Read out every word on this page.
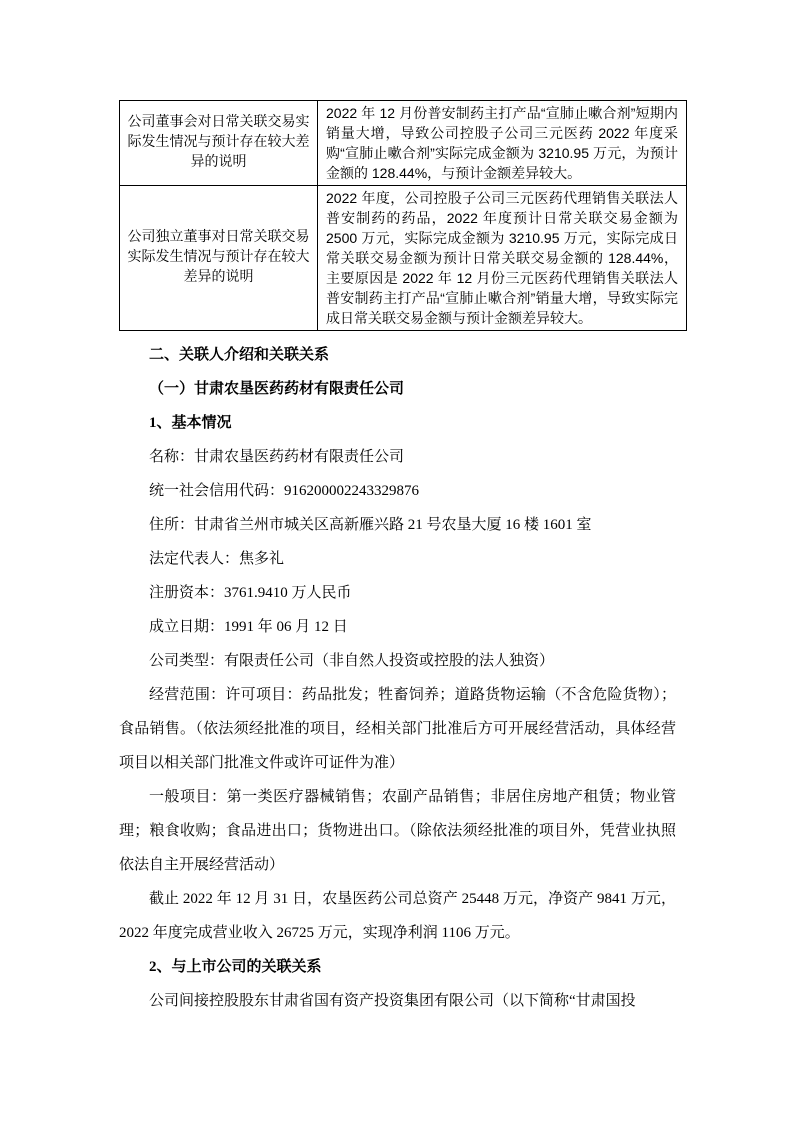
公司董事会对日常关联交易实际发生情况与预计存在较大差异的说明	2022 年 12 月份普安制药主打产品“宣肺止嗽合剂”短期内销量大增，导致公司控股子公司三元医药 2022 年度采购“宣肺止嗽合剂”实际完成金额为 3210.95 万元，为预计金额的 128.44%，与预计金额差异较大。
公司独立董事对日常关联交易实际发生情况与预计存在较大差异的说明	2022 年度，公司控股子公司三元医药代理销售关联法人普安制药的药品，2022 年度预计日常关联交易金额为 2500 万元，实际完成金额为 3210.95 万元，实际完成日常关联交易金额为预计日常关联交易金额的 128.44%，主要原因是 2022 年 12 月份三元医药代理销售关联法人普安制药主打产品“宣肺止嗽合剂”销量大增，导致实际完成日常关联交易金额与预计金额差异较大。

二、关联人介绍和关联关系

（一）甘肃农垦医药药材有限责任公司

1、基本情况

名称：甘肃农垦医药药材有限责任公司

统一社会信用代码：916200002243329876

住所：甘肃省兰州市城关区高新雁兴路 21 号农垦大厦 16 楼 1601 室

法定代表人：焦多礼

注册资本：3761.9410 万人民币

成立日期：1991 年 06 月 12 日

公司类型：有限责任公司（非自然人投资或控股的法人独资）

经营范围：许可项目：药品批发；牲畜饲养；道路货物运输（不含危险货物）；食品销售。（依法须经批准的项目，经相关部门批准后方可开展经营活动，具体经营项目以相关部门批准文件或许可证件为准）

一般项目：第一类医疗器械销售；农副产品销售；非居住房地产租赁；物业管理；粮食收购；食品进出口；货物进出口。（除依法须经批准的项目外，凭营业执照依法自主开展经营活动）

截止 2022 年 12 月 31 日，农垦医药公司总资产 25448 万元，净资产 9841 万元，2022 年度完成营业收入 26725 万元，实现净利润 1106 万元。

2、与上市公司的关联关系

公司间接控股股东甘肃省国有资产投资集团有限公司（以下简称“甘肃国投
